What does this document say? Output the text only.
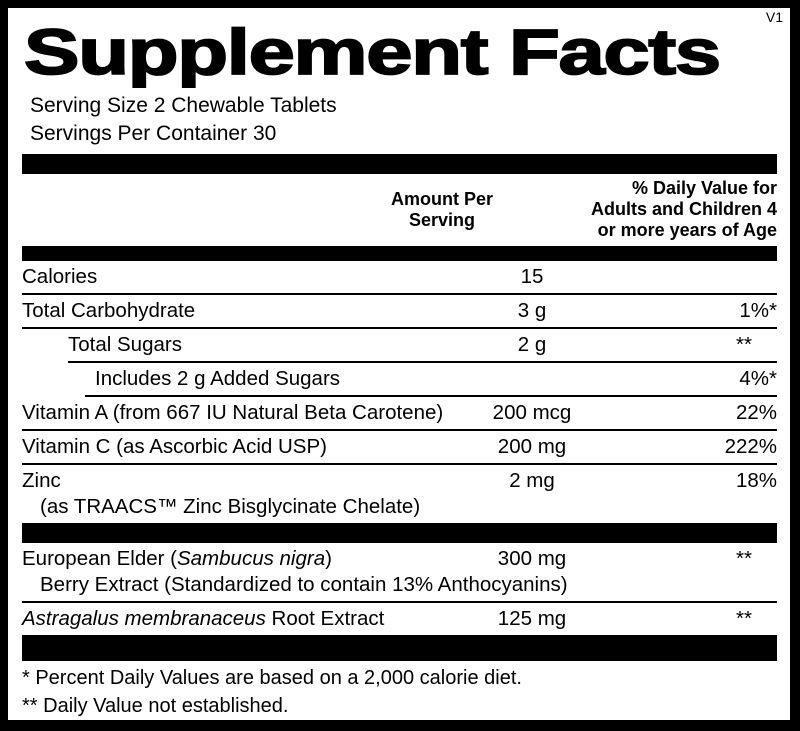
Supplement Facts	V1
Serving Size 2 Chewable Tablets
Servings Per Container 30
Amount Per
Serving
% Daily Value for
Adults and Children 4
or more years of Age
Calories	15
Total Carbohydrate	3 g	1%*
Total Sugars	2 g	**
Includes 2 g Added Sugars	4%*
Vitamin A (from 667 IU Natural Beta Carotene)	200 mcg	22%
Vitamin C (as Ascorbic Acid USP)	200 mg	222%
Zinc
(as TRAACS™ Zinc Bisglycinate Chelate)
2 mg	18%
European Elder (Sambucus nigra)
Berry Extract (Standardized to contain 13% Anthocyanins)
300 mg	**
Astragalus membranaceus Root Extract	125 mg	**
* Percent Daily Values are based on a 2,000 calorie diet.
** Daily Value not established.
